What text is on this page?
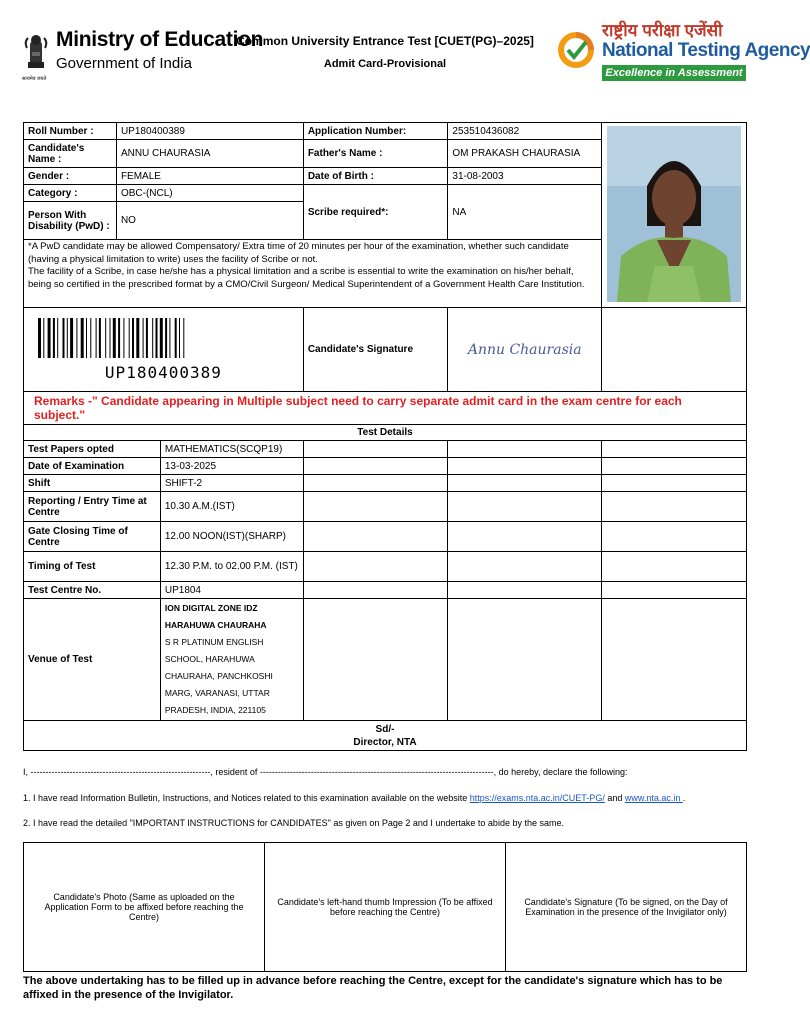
सत्यमेव जयते
Ministry of Education
Government of India
Common University Entrance Test [CUET(PG)–2025]
Admit Card-Provisional
राष्ट्रीय परीक्षा एजेंसी
National Testing Agency
Excellence in Assessment
Roll Number :	UP180400389		Application Number:	253510436082	
Candidate's Name :	ANNU CHAURASIA		Father's Name :	OM PRAKASH CHAURASIA	
Gender :	FEMALE		Date of Birth :	31-08-2003	
Category :	OBC-(NCL)		Scribe required*:	NA	
Person With Disability (PwD) :	NO				
*A PwD candidate may be allowed Compensatory/ Extra time of 20 minutes per hour of the examination, whether such candidate (having a physical limitation to write) uses the facility of Scribe or not.
The facility of a Scribe, in case he/she has a physical limitation and a scribe is essential to write the examination on his/her behalf, being so certified in the prescribed format by a CMO/Civil Surgeon/ Medical Superintendent of a Government Health Care Institution.					

UP180400389			Candidate's Signature	Annu Chaurasia	
Remarks -" Candidate appearing in Multiple subject need to carry separate admit card in the exam centre for each subject."					
Test Details					
Test Papers opted		MATHEMATICS(SCQP19)			
Date of Examination		13-03-2025			
Shift		SHIFT-2			
Reporting / Entry Time at Centre		10.30 A.M.(IST)			
Gate Closing Time of Centre		12.00 NOON(IST)(SHARP)			
Timing of Test		12.30 P.M. to 02.00 P.M. (IST)			
Test Centre No.		UP1804			
Venue of Test		ION DIGITAL ZONE IDZ HARAHUWA CHAURAHA
S R PLATINUM ENGLISH SCHOOL, HARAHUWA CHAURAHA, PANCHKOSHI MARG, VARANASI, UTTAR PRADESH, INDIA, 221105			

Sd/-
Director, NTA					
I, ------------------------------------------------------------, resident of ------------------------------------------------------------------------------, do hereby, declare the following:
1. I have read Information Bulletin, Instructions, and Notices related to this examination available on the website https://exams.nta.ac.in/CUET-PG/ and www.nta.ac.in .
2. I have read the detailed "IMPORTANT INSTRUCTIONS for CANDIDATES" as given on Page 2 and I undertake to abide by the same.
Candidate's Photo (Same as uploaded on the Application Form to be affixed before reaching the Centre)	Candidate's left-hand thumb Impression (To be affixed before reaching the Centre)	Candidate's Signature (To be signed, on the Day of Examination in the presence of the Invigilator only)
The above undertaking has to be filled up in advance before reaching the Centre, except for the candidate's signature which has to be affixed in the presence of the Invigilator.
